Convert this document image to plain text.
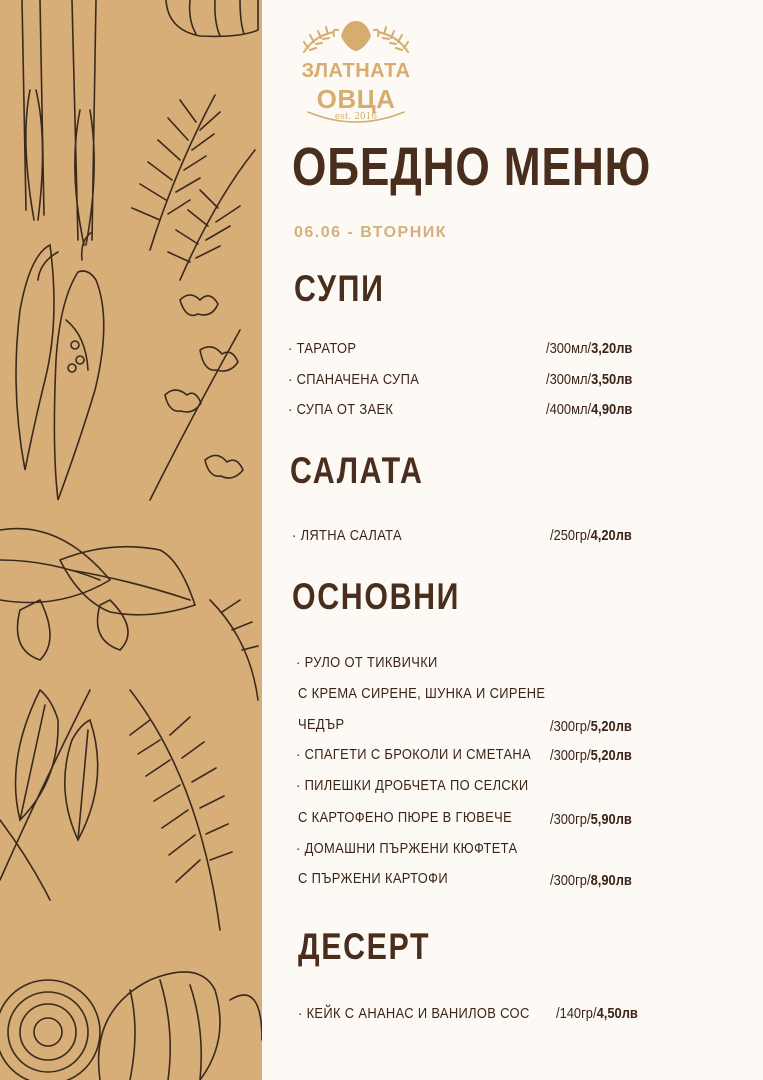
ЗЛАТНАТА
ОВЦА
est. 2016
ОБЕДНО МЕНЮ
06.06 - ВТОРНИК
СУПИ
· ТАРАТОР	/300мл/3,20лв
· СПАНАЧЕНА СУПА	/300мл/3,50лв
· СУПА ОТ ЗАЕК	/400мл/4,90лв
САЛАТА
· ЛЯТНА САЛАТА	/250гр/4,20лв
ОСНОВНИ
· РУЛО ОТ ТИКВИЧКИ
С КРЕМА СИРЕНЕ, ШУНКА И СИРЕНЕ
ЧЕДЪР	/300гр/5,20лв
· СПАГЕТИ С БРОКОЛИ И СМЕТАНА /300гр/5,20лв
· ПИЛЕШКИ ДРОБЧЕТА ПО СЕЛСКИ
С КАРТОФЕНО ПЮРЕ В ГЮВЕЧЕ	/300гр/5,90лв
· ДОМАШНИ ПЪРЖЕНИ КЮФТЕТА
С ПЪРЖЕНИ КАРТОФИ	/300гр/8,90лв
ДЕСЕРТ
· КЕЙК С АНАНАС И ВАНИЛОВ СОС /140гр/4,50лв
